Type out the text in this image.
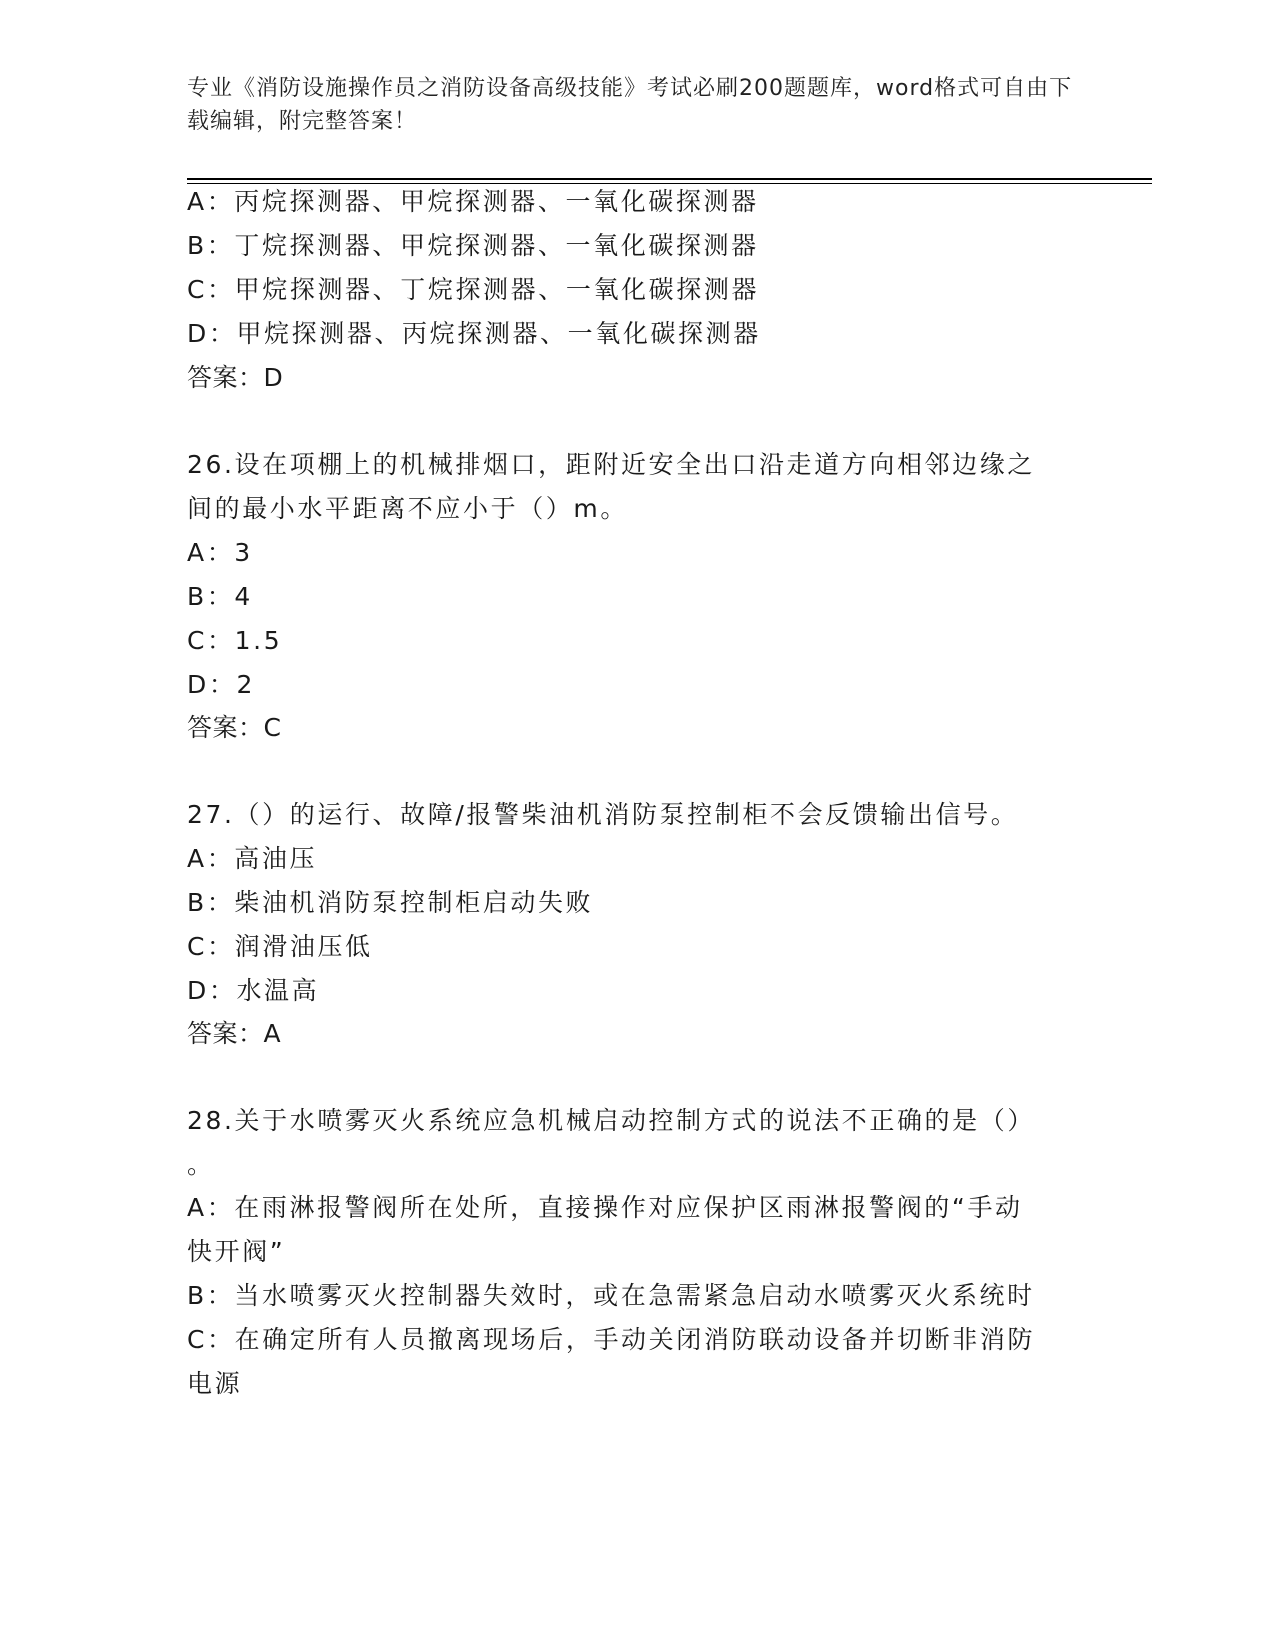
专业《消防设施操作员之消防设备高级技能》考试必刷200题题库，word格式可自由下载编辑，附完整答案！
A：丙烷探测器、甲烷探测器、一氧化碳探测器
B：丁烷探测器、甲烷探测器、一氧化碳探测器
C：甲烷探测器、丁烷探测器、一氧化碳探测器
D：甲烷探测器、丙烷探测器、一氧化碳探测器
答案：D
26.设在项棚上的机械排烟口，距附近安全出口沿走道方向相邻边缘之
间的最小水平距离不应小于（）m。
A：3
B：4
C：1.5
D：2
答案：C
27.（）的运行、故障/报警柴油机消防泵控制柜不会反馈输出信号。
A：高油压
B：柴油机消防泵控制柜启动失败
C：润滑油压低
D：水温高
答案：A
28.关于水喷雾灭火系统应急机械启动控制方式的说法不正确的是（）
。
A：在雨淋报警阀所在处所，直接操作对应保护区雨淋报警阀的“手动
快开阀”
B：当水喷雾灭火控制器失效时，或在急需紧急启动水喷雾灭火系统时
C：在确定所有人员撤离现场后，手动关闭消防联动设备并切断非消防
电源
